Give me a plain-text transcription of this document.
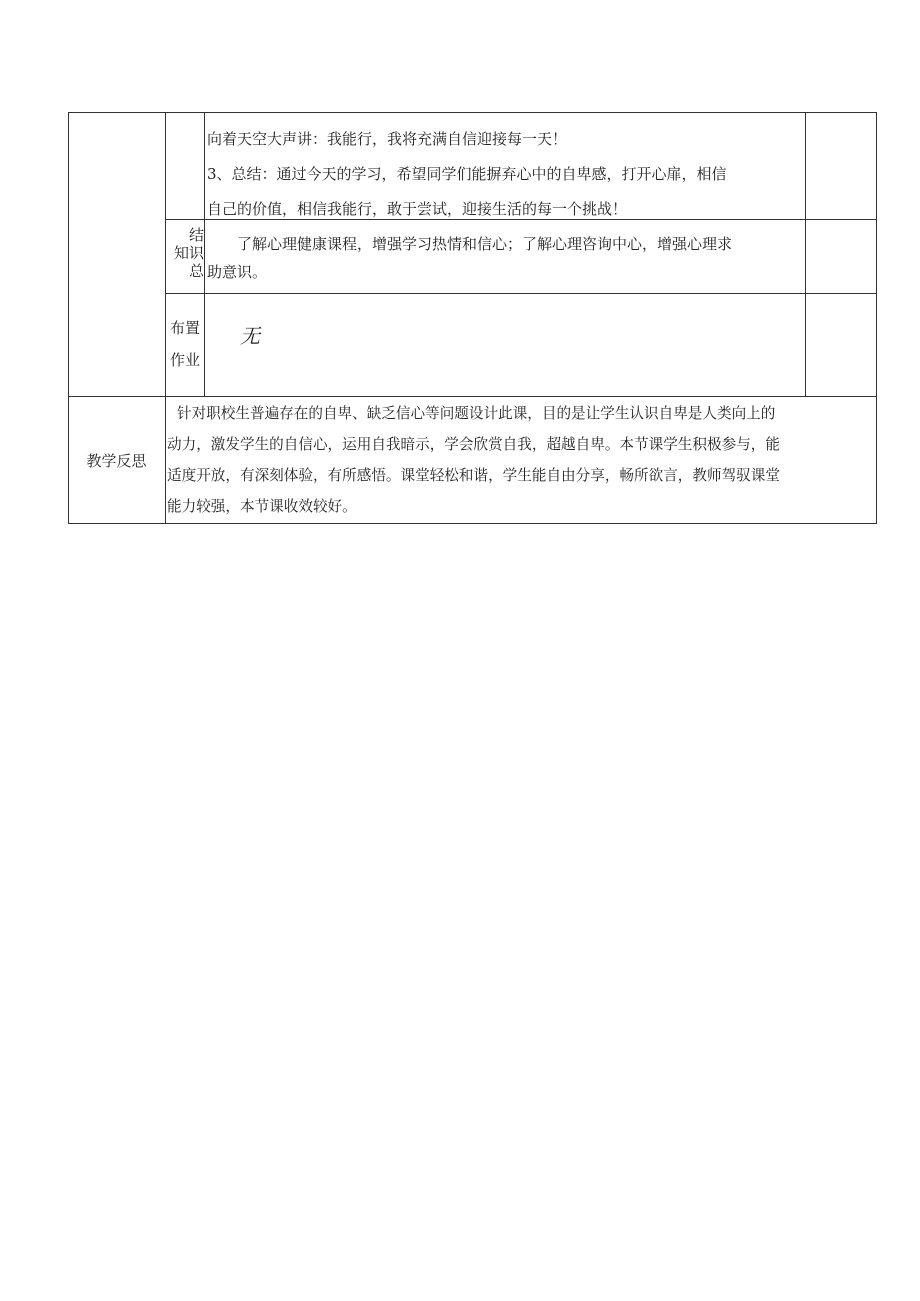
向着天空大声讲：我能行，我将充满自信迎接每一天！
3、总结：通过今天的学习，希望同学们能摒弃心中的自卑感，打开心扉，相信
自己的价值，相信我能行，敢于尝试，迎接生活的每一个挑战！
结
知识
总
了解心理健康课程，增强学习热情和信心；了解心理咨询中心，增强心理求
助意识。
布置
作业
无
教学反思
针对职校生普遍存在的自卑、缺乏信心等问题设计此课，目的是让学生认识自卑是人类向上的
动力，激发学生的自信心，运用自我暗示，学会欣赏自我，超越自卑。本节课学生积极参与，能
适度开放，有深刻体验，有所感悟。课堂轻松和谐，学生能自由分享，畅所欲言，教师驾驭课堂
能力较强，本节课收效较好。
